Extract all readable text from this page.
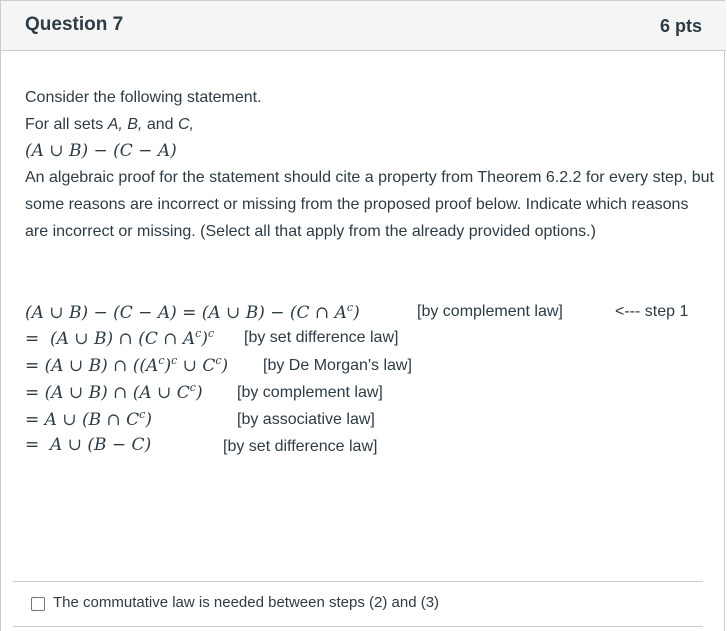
Question 7	6 pts
Consider the following statement.
For all sets A, B, and C,
(A ∪ B) − (C − A)
An algebraic proof for the statement should cite a property from Theorem 6.2.2 for every step, but some reasons are incorrect or missing from the proposed proof below. Indicate which reasons are incorrect or missing. (Select all that apply from the already provided options.)
(A ∪ B) − (C − A) = (A ∪ B) − (C ∩ $A^c$)	[by complement law]	<--- step 1
=  (A ∪ B) ∩ (C ∩ $A^c)^c$ [by set difference law]
= (A ∪ B) ∩ ($(A^c)^c$ ∪ $C^c$) [by De Morgan's law]
= (A ∪ B) ∩ (A ∪ $C^c$) [by complement law]
= A ∪ (B ∩ $C^c$)	[by associative law]
=  A ∪ (B − C)	[by set difference law]
The commutative law is needed between steps (2) and (3)
